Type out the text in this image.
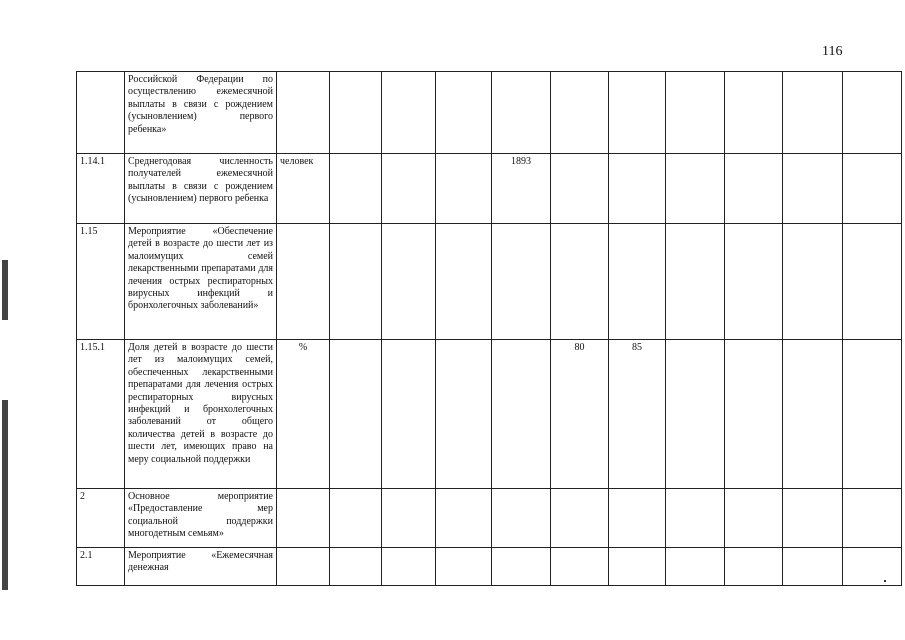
116
	Российской Федерации по осуществлению ежемесячной выплаты в связи с рождением (усыновлением) первого ребенка»												
1.14.1	Среднегодовая численность получателей ежемесячной выплаты в связи с рождением (усыновлением) первого ребенка	человек				1893							
1.15	Мероприятие «Обеспечение детей в возрасте до шести лет из малоимущих семей лекарственными препаратами для лечения острых респираторных вирусных инфекций и бронхолегочных заболеваний»												
1.15.1	Доля детей в возрасте до шести лет из малоимущих семей, обеспеченных лекарственными препаратами для лечения острых респираторных вирусных инфекций и бронхолегочных заболеваний от общего количества детей в возрасте до шести лет, имеющих право на меру социальной поддержки	%					80	85					
2	Основное мероприятие «Предоставление мер социальной поддержки многодетным семьям»												
2.1	Мероприятие «Ежемесячная денежная												
